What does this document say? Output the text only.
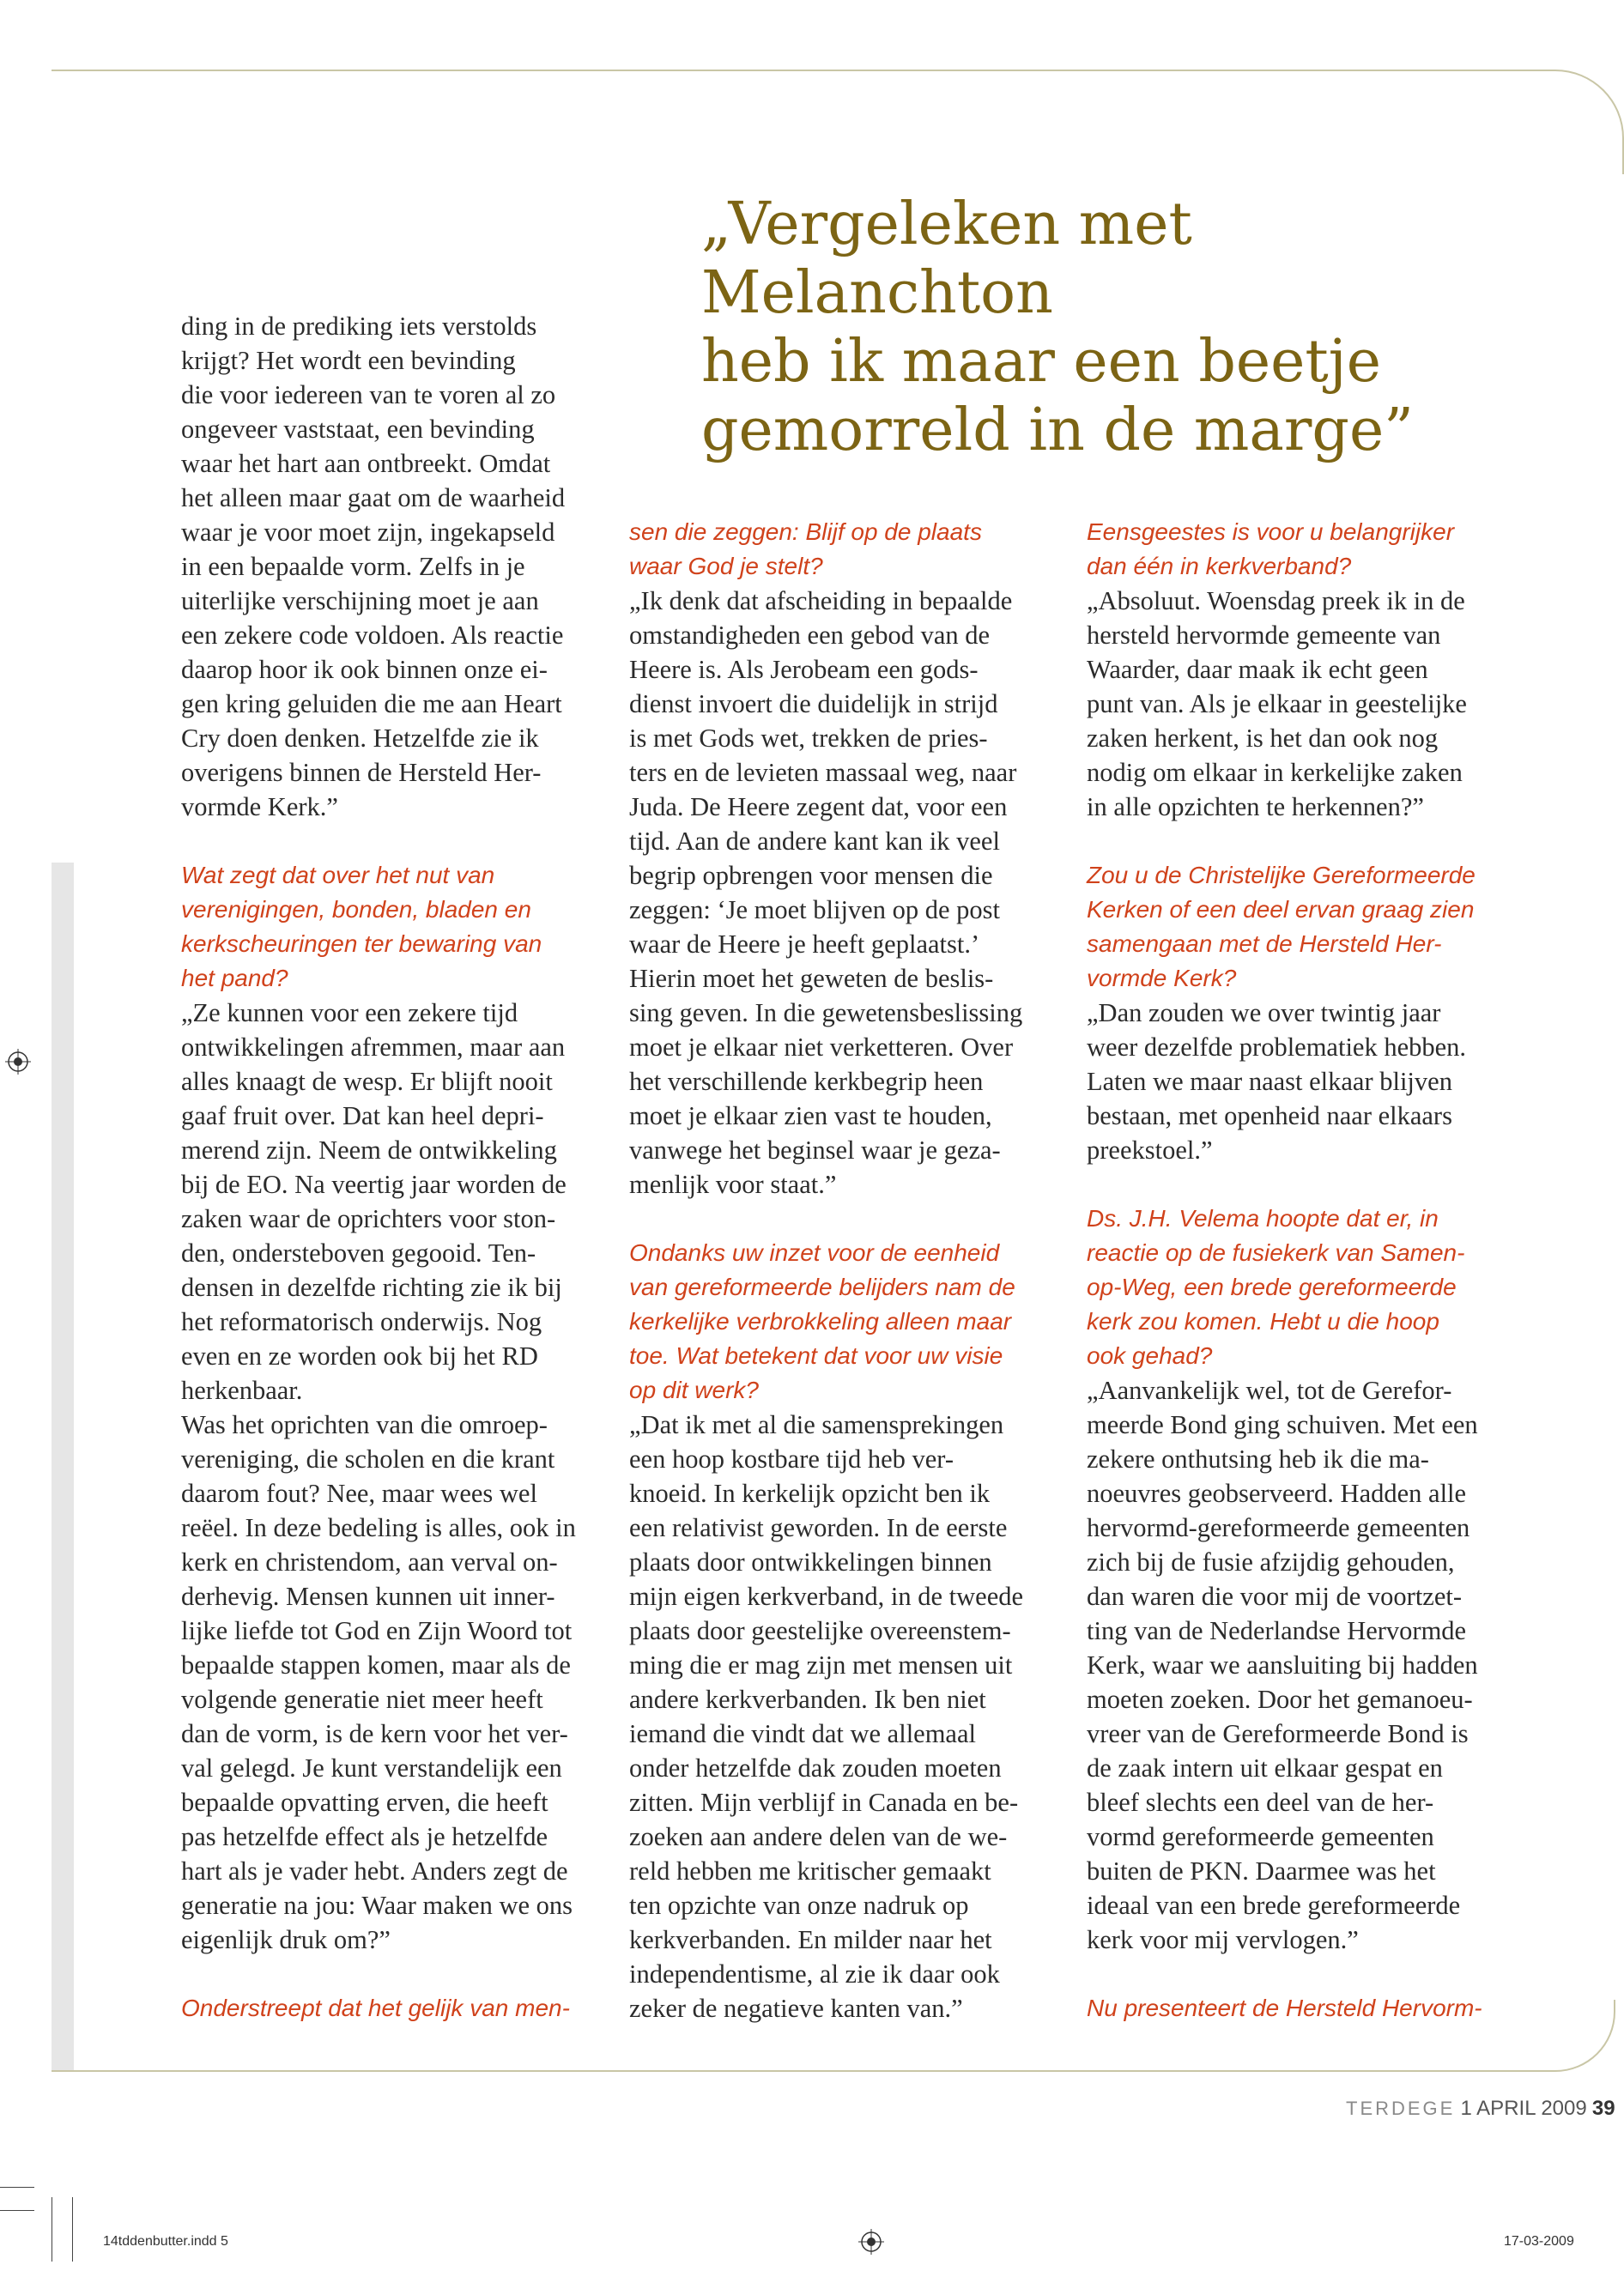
„Vergeleken met Melanchton

heb ik maar een beetje

gemorreld in de marge”

ding in de prediking iets verstolds

krijgt? Het wordt een bevinding

die voor iedereen van te voren al zo

ongeveer vaststaat, een bevinding

waar het hart aan ontbreekt. Omdat

het alleen maar gaat om de waarheid

waar je voor moet zijn, ingekapseld

in een bepaalde vorm. Zelfs in je

uiterlijke verschijning moet je aan

een zekere code voldoen. Als reactie

daarop hoor ik ook binnen onze ei-

gen kring geluiden die me aan Heart

Cry doen denken. Hetzelfde zie ik

overigens binnen de Hersteld Her-

vormde Kerk.”

Wat zegt dat over het nut van

verenigingen, bonden, bladen en

kerkscheuringen ter bewaring van

het pand?

„Ze kunnen voor een zekere tijd

ontwikkelingen afremmen, maar aan

alles knaagt de wesp. Er blijft nooit

gaaf fruit over. Dat kan heel depri-

merend zijn. Neem de ontwikkeling

bij de EO. Na veertig jaar worden de

zaken waar de oprichters voor ston-

den, ondersteboven gegooid. Ten-

densen in dezelfde richting zie ik bij

het reformatorisch onderwijs. Nog

even en ze worden ook bij het RD

herkenbaar.

Was het oprichten van die omroep-

vereniging, die scholen en die krant

daarom fout? Nee, maar wees wel

reëel. In deze bedeling is alles, ook in

kerk en christendom, aan verval on-

derhevig. Mensen kunnen uit inner-

lijke liefde tot God en Zijn Woord tot

bepaalde stappen komen, maar als de

volgende generatie niet meer heeft

dan de vorm, is de kern voor het ver-

val gelegd. Je kunt verstandelijk een

bepaalde opvatting erven, die heeft

pas hetzelfde effect als je hetzelfde

hart als je vader hebt. Anders zegt de

generatie na jou: Waar maken we ons

eigenlijk druk om?”

Onderstreept dat het gelijk van men-

sen die zeggen: Blijf op de plaats

waar God je stelt?

„Ik denk dat afscheiding in bepaalde

omstandigheden een gebod van de

Heere is. Als Jerobeam een gods-

dienst invoert die duidelijk in strijd

is met Gods wet, trekken de pries-

ters en de levieten massaal weg, naar

Juda. De Heere zegent dat, voor een

tijd. Aan de andere kant kan ik veel

begrip opbrengen voor mensen die

zeggen: ‘Je moet blijven op de post

waar de Heere je heeft geplaatst.’

Hierin moet het geweten de beslis-

sing geven. In die gewetensbeslissing

moet je elkaar niet verketteren. Over

het verschillende kerkbegrip heen

moet je elkaar zien vast te houden,

vanwege het beginsel waar je geza-

menlijk voor staat.”

Ondanks uw inzet voor de eenheid

van gereformeerde belijders nam de

kerkelijke verbrokkeling alleen maar

toe. Wat betekent dat voor uw visie

op dit werk?

„Dat ik met al die samensprekingen

een hoop kostbare tijd heb ver-

knoeid. In kerkelijk opzicht ben ik

een relativist geworden. In de eerste

plaats door ontwikkelingen binnen

mijn eigen kerkverband, in de tweede

plaats door geestelijke overeenstem-

ming die er mag zijn met mensen uit

andere kerkverbanden. Ik ben niet

iemand die vindt dat we allemaal

onder hetzelfde dak zouden moeten

zitten. Mijn verblijf in Canada en be-

zoeken aan andere delen van de we-

reld hebben me kritischer gemaakt

ten opzichte van onze nadruk op

kerkverbanden. En milder naar het

independentisme, al zie ik daar ook

zeker de negatieve kanten van.”

Eensgeestes is voor u belangrijker

dan één in kerkverband?

„Absoluut. Woensdag preek ik in de

hersteld hervormde gemeente van

Waarder, daar maak ik echt geen

punt van. Als je elkaar in geestelijke

zaken herkent, is het dan ook nog

nodig om elkaar in kerkelijke zaken

in alle opzichten te herkennen?”

Zou u de Christelijke Gereformeerde

Kerken of een deel ervan graag zien

samengaan met de Hersteld Her-

vormde Kerk?

„Dan zouden we over twintig jaar

weer dezelfde problematiek hebben.

Laten we maar naast elkaar blijven

bestaan, met openheid naar elkaars

preekstoel.”

Ds. J.H. Velema hoopte dat er, in

reactie op de fusiekerk van Samen-

op-Weg, een brede gereformeerde

kerk zou komen. Hebt u die hoop

ook gehad?

„Aanvankelijk wel, tot de Gerefor-

meerde Bond ging schuiven. Met een

zekere onthutsing heb ik die ma-

noeuvres geobserveerd. Hadden alle

hervormd-gereformeerde gemeenten

zich bij de fusie afzijdig gehouden,

dan waren die voor mij de voortzet-

ting van de Nederlandse Hervormde

Kerk, waar we aansluiting bij hadden

moeten zoeken. Door het gemanoeu-

vreer van de Gereformeerde Bond is

de zaak intern uit elkaar gespat en

bleef slechts een deel van de her-

vormd gereformeerde gemeenten

buiten de PKN. Daarmee was het

ideaal van een brede gereformeerde

kerk voor mij vervlogen.”

Nu presenteert de Hersteld Hervorm-

TERDEGE 1 APRIL 2009 39
14tddenbutter.indd 5	17-03-2009
